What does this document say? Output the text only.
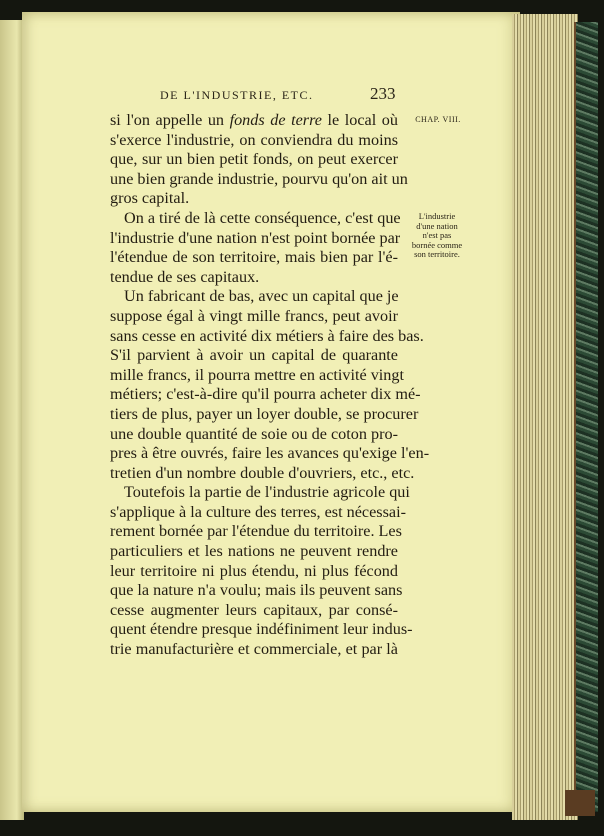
DE L'INDUSTRIE, ETC.	233
CHAP. VIII.
L'industrie
d'une nation
n'est pas
bornée comme
son territoire.
si l'on appelle un fonds de terre le local où
s'exerce l'industrie, on conviendra du moins
que, sur un bien petit fonds, on peut exercer
une bien grande industrie, pourvu qu'on ait un
gros capital.
On a tiré de là cette conséquence, c'est que
l'industrie d'une nation n'est point bornée par
l'étendue de son territoire, mais bien par l'é-
tendue de ses capitaux.
Un fabricant de bas, avec un capital que je
suppose égal à vingt mille francs, peut avoir
sans cesse en activité dix métiers à faire des bas.
S'il parvient à avoir un capital de quarante
mille francs, il pourra mettre en activité vingt
métiers; c'est-à-dire qu'il pourra acheter dix mé-
tiers de plus, payer un loyer double, se procurer
une double quantité de soie ou de coton pro-
pres à être ouvrés, faire les avances qu'exige l'en-
tretien d'un nombre double d'ouvriers, etc., etc.
Toutefois la partie de l'industrie agricole qui
s'applique à la culture des terres, est nécessai-
rement bornée par l'étendue du territoire. Les
particuliers et les nations ne peuvent rendre
leur territoire ni plus étendu, ni plus fécond
que la nature n'a voulu; mais ils peuvent sans
cesse augmenter leurs capitaux, par consé-
quent étendre presque indéfiniment leur indus-
trie manufacturière et commerciale, et par là
